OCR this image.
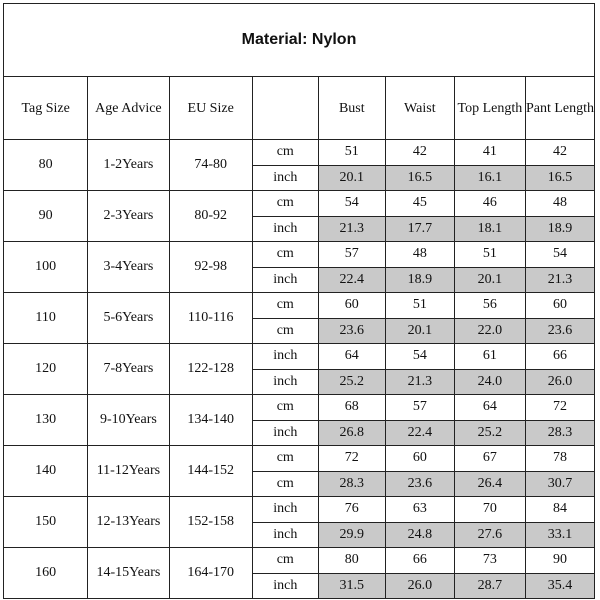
Material: Nylon
Tag Size	Age Advice	EU Size		Bust	Waist	Top Length	Pant Length
80	1-2Years	74-80	cm	51	42	41	42
			inch	20.1	16.5	16.1	16.5
90	2-3Years	80-92	cm	54	45	46	48
			inch	21.3	17.7	18.1	18.9
100	3-4Years	92-98	cm	57	48	51	54
			inch	22.4	18.9	20.1	21.3
110	5-6Years	110-116	cm	60	51	56	60
			cm	23.6	20.1	22.0	23.6
120	7-8Years	122-128	inch	64	54	61	66
			inch	25.2	21.3	24.0	26.0
130	9-10Years	134-140	cm	68	57	64	72
			inch	26.8	22.4	25.2	28.3
140	11-12Years	144-152	cm	72	60	67	78
			cm	28.3	23.6	26.4	30.7
150	12-13Years	152-158	inch	76	63	70	84
			inch	29.9	24.8	27.6	33.1
160	14-15Years	164-170	cm	80	66	73	90
			inch	31.5	26.0	28.7	35.4
